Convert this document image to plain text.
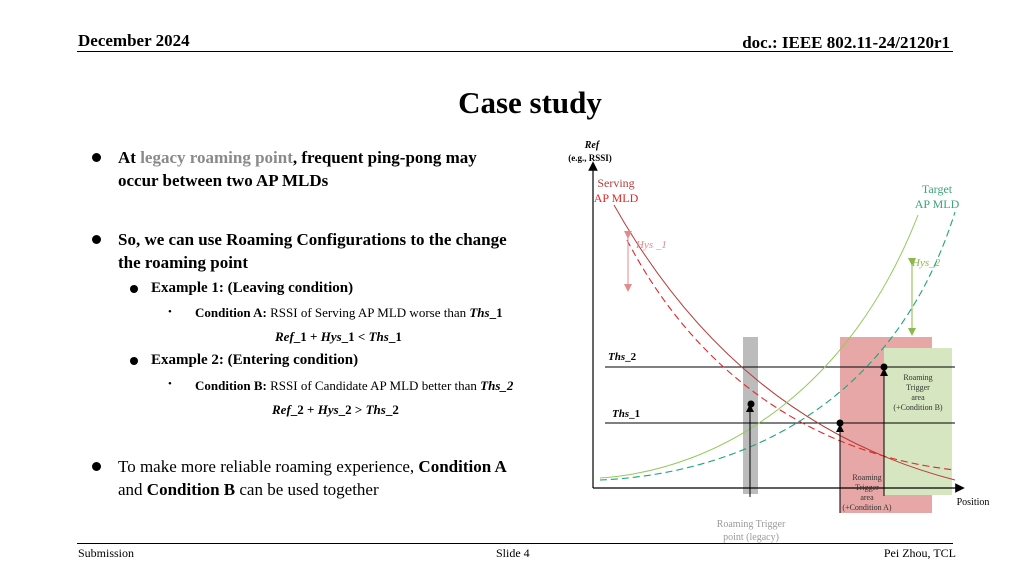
December 2024	doc.: IEEE 802.11-24/2120r1
Case study
At legacy roaming point, frequent ping-pong may
occur between two AP MLDs
So, we can use Roaming Configurations to the change
the roaming point
Example 1: (Leaving condition)
• Condition A: RSSI of Serving AP MLD worse than Ths_1
Ref_1 + Hys_1 < Ths_1
Example 2: (Entering condition)
• Condition B: RSSI of Candidate AP MLD better than Ths_2
Ref_2 + Hys_2 > Ths_2
To make more reliable roaming experience, Condition A
and Condition B can be used together
Ref
(e.g., RSSI)
Serving
AP MLD
Target
AP MLD
Hys _1
Hys_2
Ths_2
Ths_1
Roaming
Trigger
area
(+Condition B)
Roaming
Trigger
area
(+Condition A)	Position
Roaming Trigger
point (legacy)
Submission	Slide 4	Pei Zhou, TCL
